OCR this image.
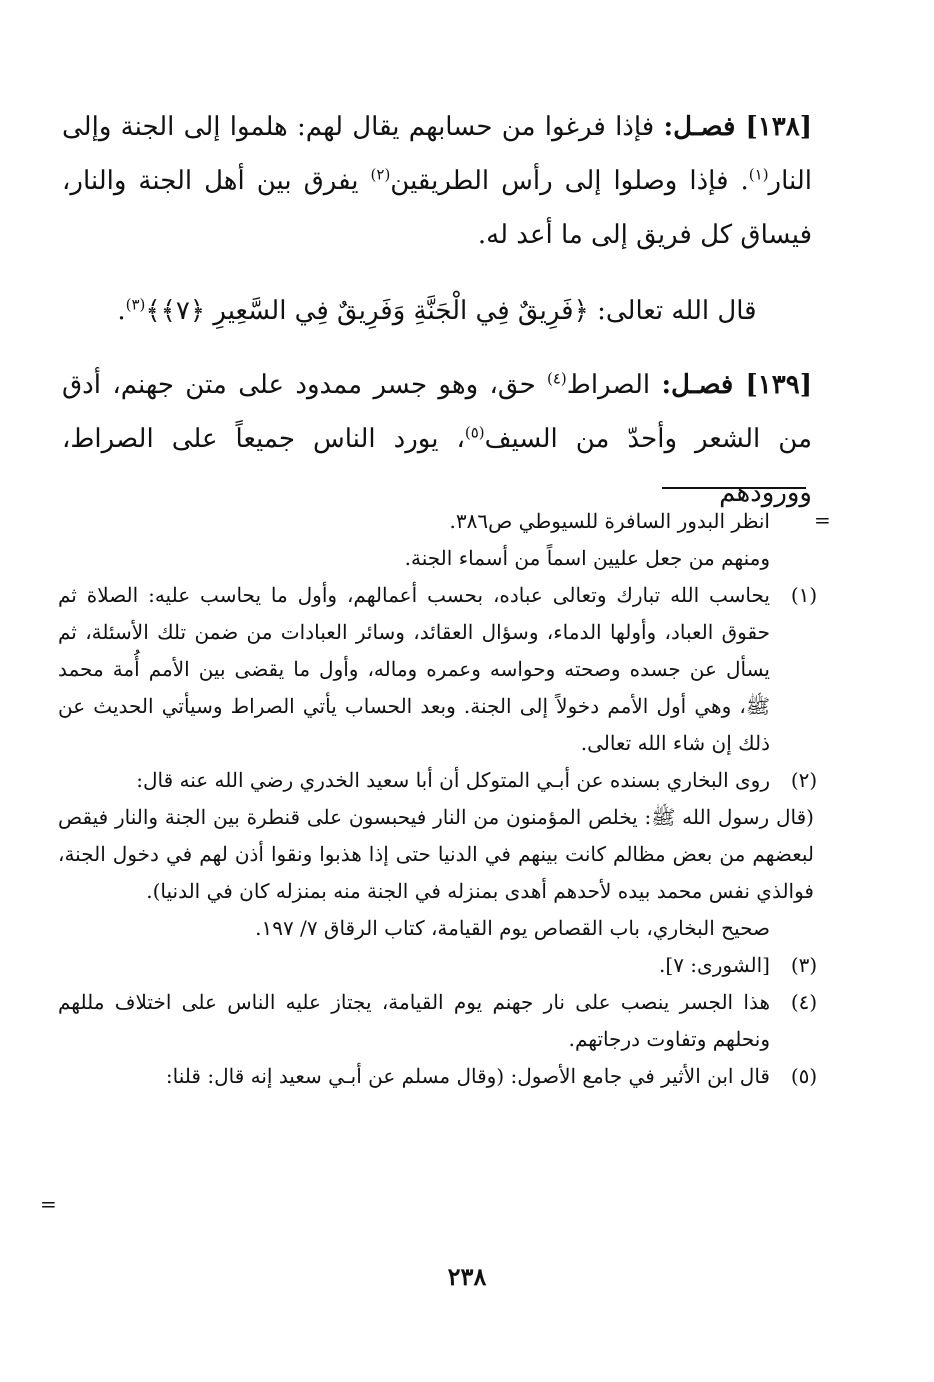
[١٣٨] فصـل: فإذا فرغوا من حسابهم يقال لهم: هلموا إلى الجنة وإلى النار$^{(١)}$. فإذا وصلوا إلى رأس الطريقين$^{(٢)}$ يفرق بين أهل الجنة والنار، فيساق كل فريق إلى ما أعد له.

قال الله تعالى: ﴿فَرِيقٌ فِي الْجَنَّةِ وَفَرِيقٌ فِي السَّعِيرِ ﴿٧﴾﴾$^{(٣)}$.

[١٣٩] فصـل: الصراط$^{(٤)}$ حق، وهو جسر ممدود على متن جهنم، أدق من الشعر وأحدّ من السيف$^{(٥)}$، يورد الناس جميعاً على الصراط، وورودهم

=

انظر البدور السافرة للسيوطي ص٣٨٦.

ومنهم من جعل عليين اسماً من أسماء الجنة.

(١)
يحاسب الله تبارك وتعالى عباده، بحسب أعمالهم، وأول ما يحاسب عليه: الصلاة ثم حقوق العباد، وأولها الدماء، وسؤال العقائد، وسائر العبادات من ضمن تلك الأسئلة، ثم يسأل عن جسده وصحته وحواسه وعمره وماله، وأول ما يقضى بين الأمم أُمة محمد ﷺ، وهي أول الأمم دخولاً إلى الجنة. وبعد الحساب يأتي الصراط وسيأتي الحديث عن ذلك إن شاء الله تعالى.

(٢)
روى البخاري بسنده عن أبـي المتوكل أن أبا سعيد الخدري رضي الله عنه قال:

(قال رسول الله ﷺ: يخلص المؤمنون من النار فيحبسون على قنطرة بين الجنة والنار فيقص لبعضهم من بعض مظالم كانت بينهم في الدنيا حتى إذا هذبوا ونقوا أذن لهم في دخول الجنة، فوالذي نفس محمد بيده لأحدهم أهدى بمنزله في الجنة منه بمنزله كان في الدنيا).

صحيح البخاري، باب القصاص يوم القيامة، كتاب الرقاق ٧/ ١٩٧.

(٣)
[الشورى: ٧].

(٤)
هذا الجسر ينصب على نار جهنم يوم القيامة، يجتاز عليه الناس على اختلاف مللهم ونحلهم وتفاوت درجاتهم.

(٥)
قال ابن الأثير في جامع الأصول: (وقال مسلم عن أبـي سعيد إنه قال: قلنا:

=
٢٣٨
